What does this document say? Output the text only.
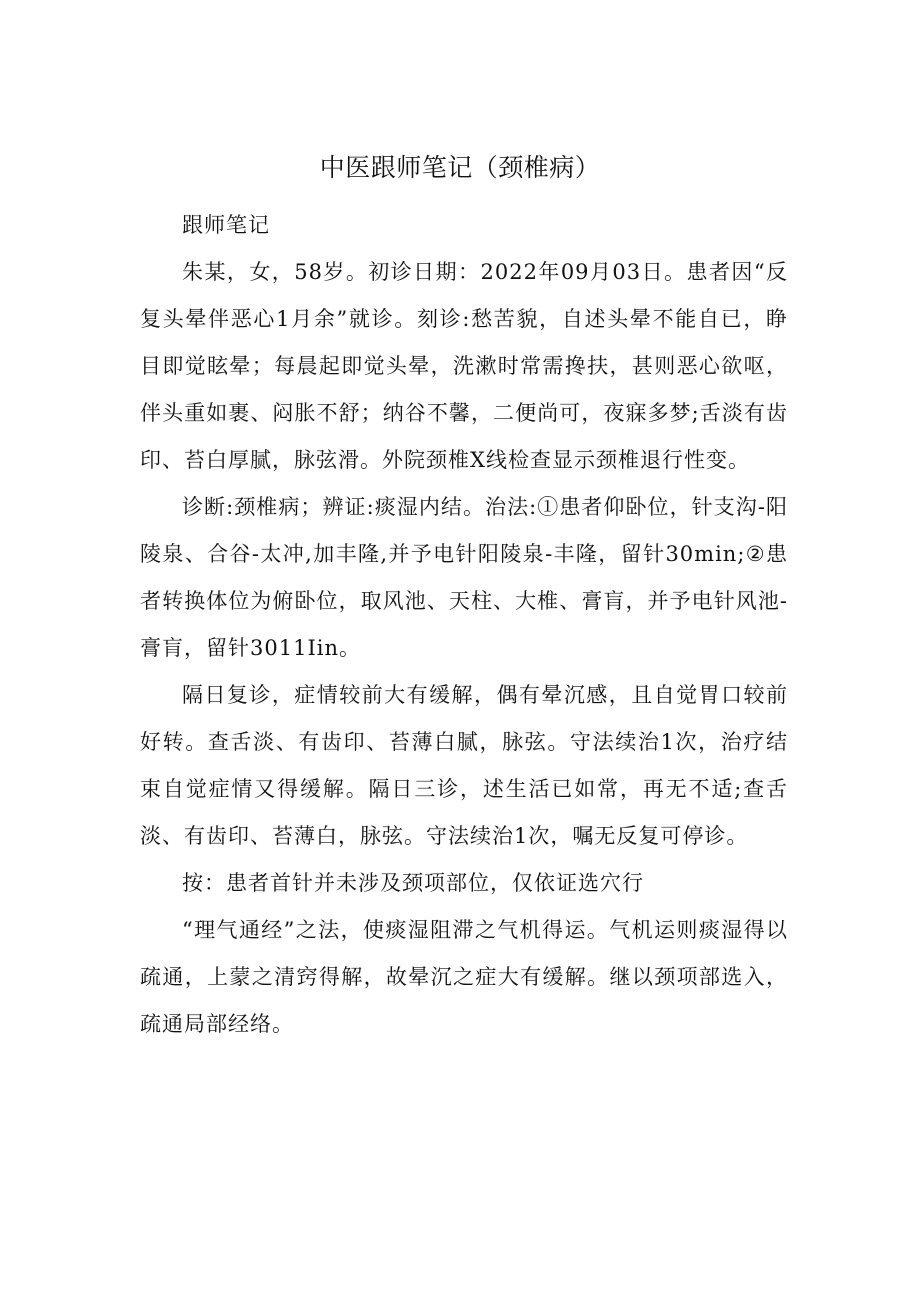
中医跟师笔记（颈椎病）

跟师笔记

朱某，女，58岁。初诊日期：2022年09月03日。患者因“反复头晕伴恶心1月余”就诊。刻诊:愁苦貌，自述头晕不能自已，睁目即觉眩晕；每晨起即觉头晕，洗漱时常需搀扶，甚则恶心欲呕，伴头重如裹、闷胀不舒；纳谷不馨，二便尚可，夜寐多梦;舌淡有齿印、苔白厚腻，脉弦滑。外院颈椎X线检查显示颈椎退行性变。

诊断:颈椎病；辨证:痰湿内结。治法:①患者仰卧位，针支沟-阳陵泉、合谷-太冲,加丰隆,并予电针阳陵泉-丰隆，留针30min;②患者转换体位为俯卧位，取风池、天柱、大椎、膏肓，并予电针风池-膏肓，留针3011Iin。

隔日复诊，症情较前大有缓解，偶有晕沉感，且自觉胃口较前好转。查舌淡、有齿印、苔薄白腻，脉弦。守法续治1次，治疗结束自觉症情又得缓解。隔日三诊，述生活已如常，再无不适;查舌淡、有齿印、苔薄白，脉弦。守法续治1次，嘱无反复可停诊。

按：患者首针并未涉及颈项部位，仅依证选穴行

“理气通经”之法，使痰湿阻滞之气机得运。气机运则痰湿得以疏通，上蒙之清窍得解，故晕沉之症大有缓解。继以颈项部选入，疏通局部经络。
